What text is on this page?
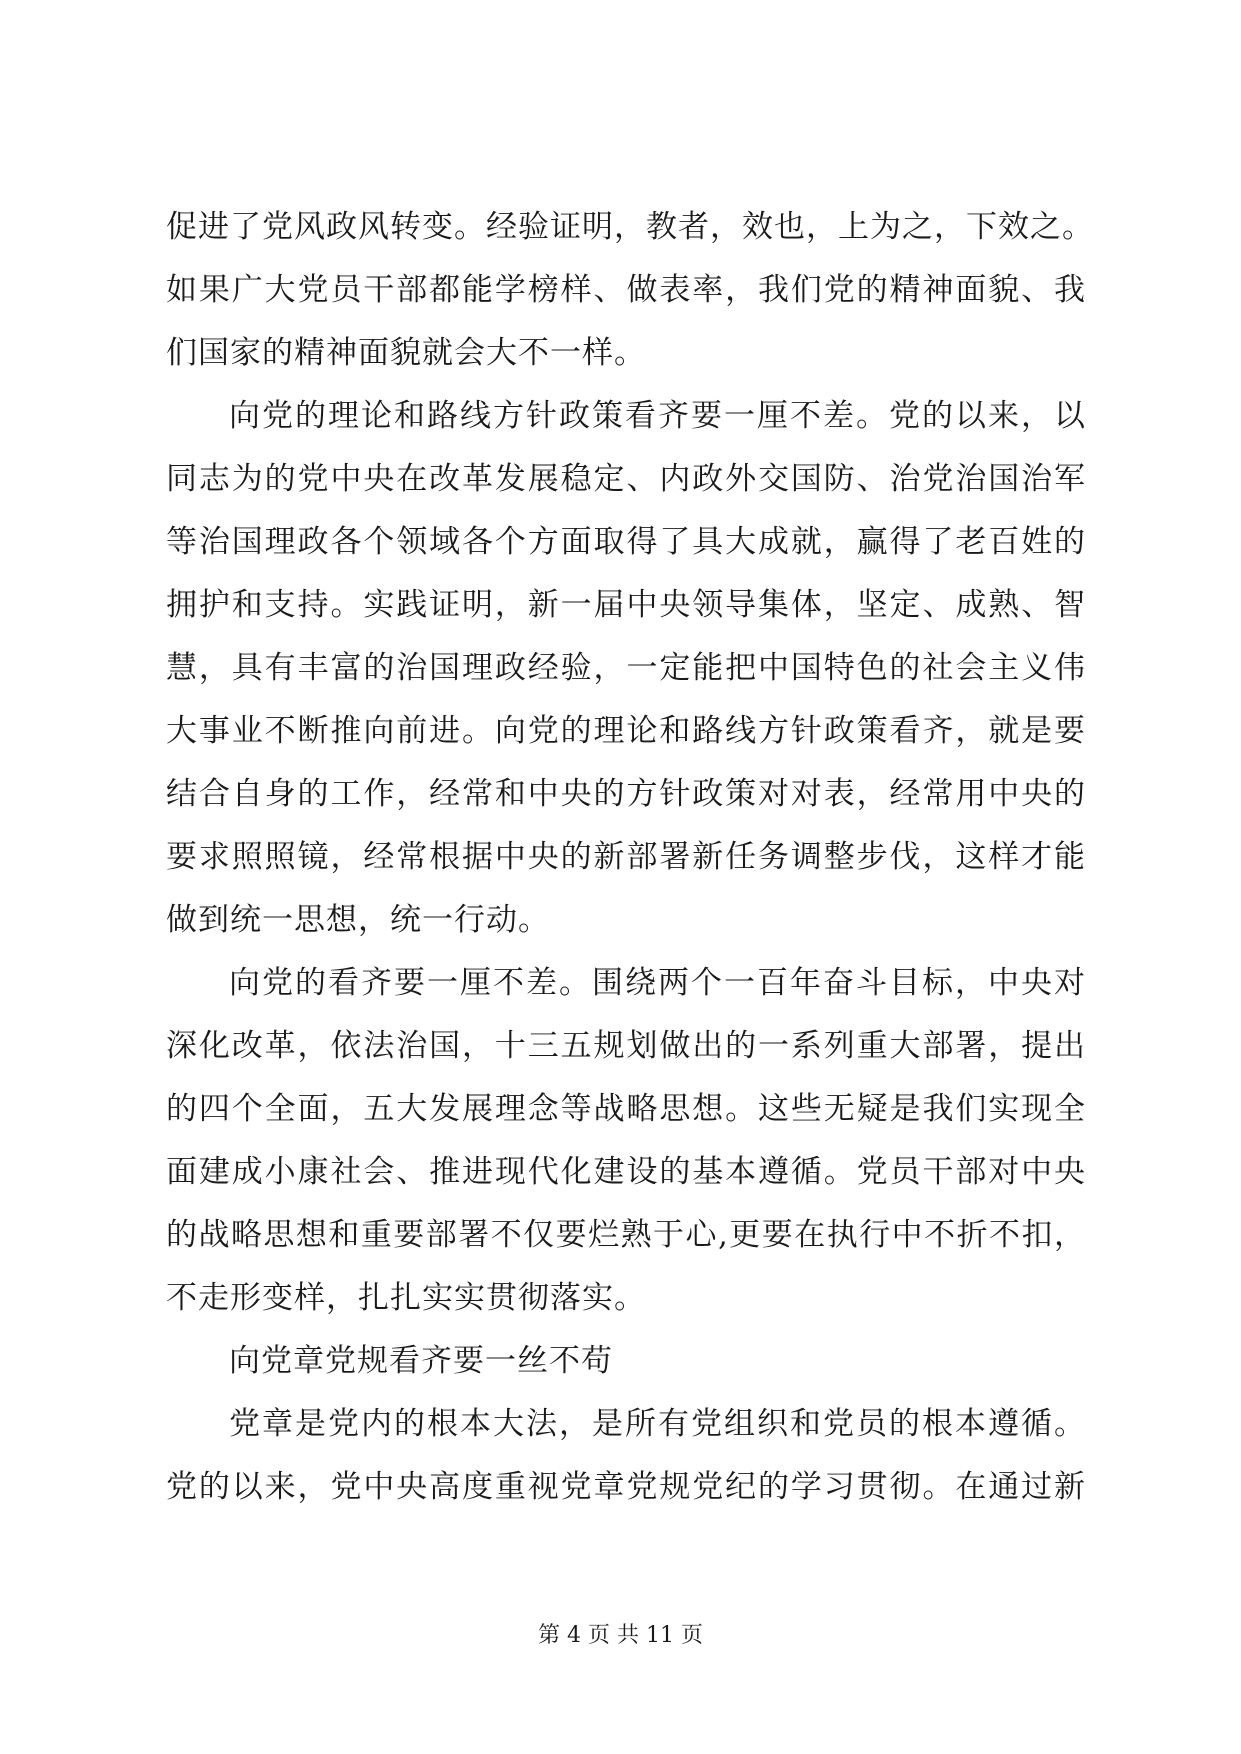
促进了党风政风转变。经验证明，教者，效也，上为之，下效之。
如果广大党员干部都能学榜样、做表率，我们党的精神面貌、我
们国家的精神面貌就会大不一样。
向党的理论和路线方针政策看齐要一厘不差。党的以来，以
同志为的党中央在改革发展稳定、内政外交国防、治党治国治军
等治国理政各个领域各个方面取得了具大成就，赢得了老百姓的
拥护和支持。实践证明，新一届中央领导集体，坚定、成熟、智
慧，具有丰富的治国理政经验，一定能把中国特色的社会主义伟
大事业不断推向前进。向党的理论和路线方针政策看齐，就是要
结合自身的工作，经常和中央的方针政策对对表，经常用中央的
要求照照镜，经常根据中央的新部署新任务调整步伐，这样才能
做到统一思想，统一行动。
向党的看齐要一厘不差。围绕两个一百年奋斗目标，中央对
深化改革，依法治国，十三五规划做出的一系列重大部署，提出
的四个全面，五大发展理念等战略思想。这些无疑是我们实现全
面建成小康社会、推进现代化建设的基本遵循。党员干部对中央
的战略思想和重要部署不仅要烂熟于心,更要在执行中不折不扣，
不走形变样，扎扎实实贯彻落实。
向党章党规看齐要一丝不苟
党章是党内的根本大法，是所有党组织和党员的根本遵循。
党的以来，党中央高度重视党章党规党纪的学习贯彻。在通过新
第 4 页 共 11 页
